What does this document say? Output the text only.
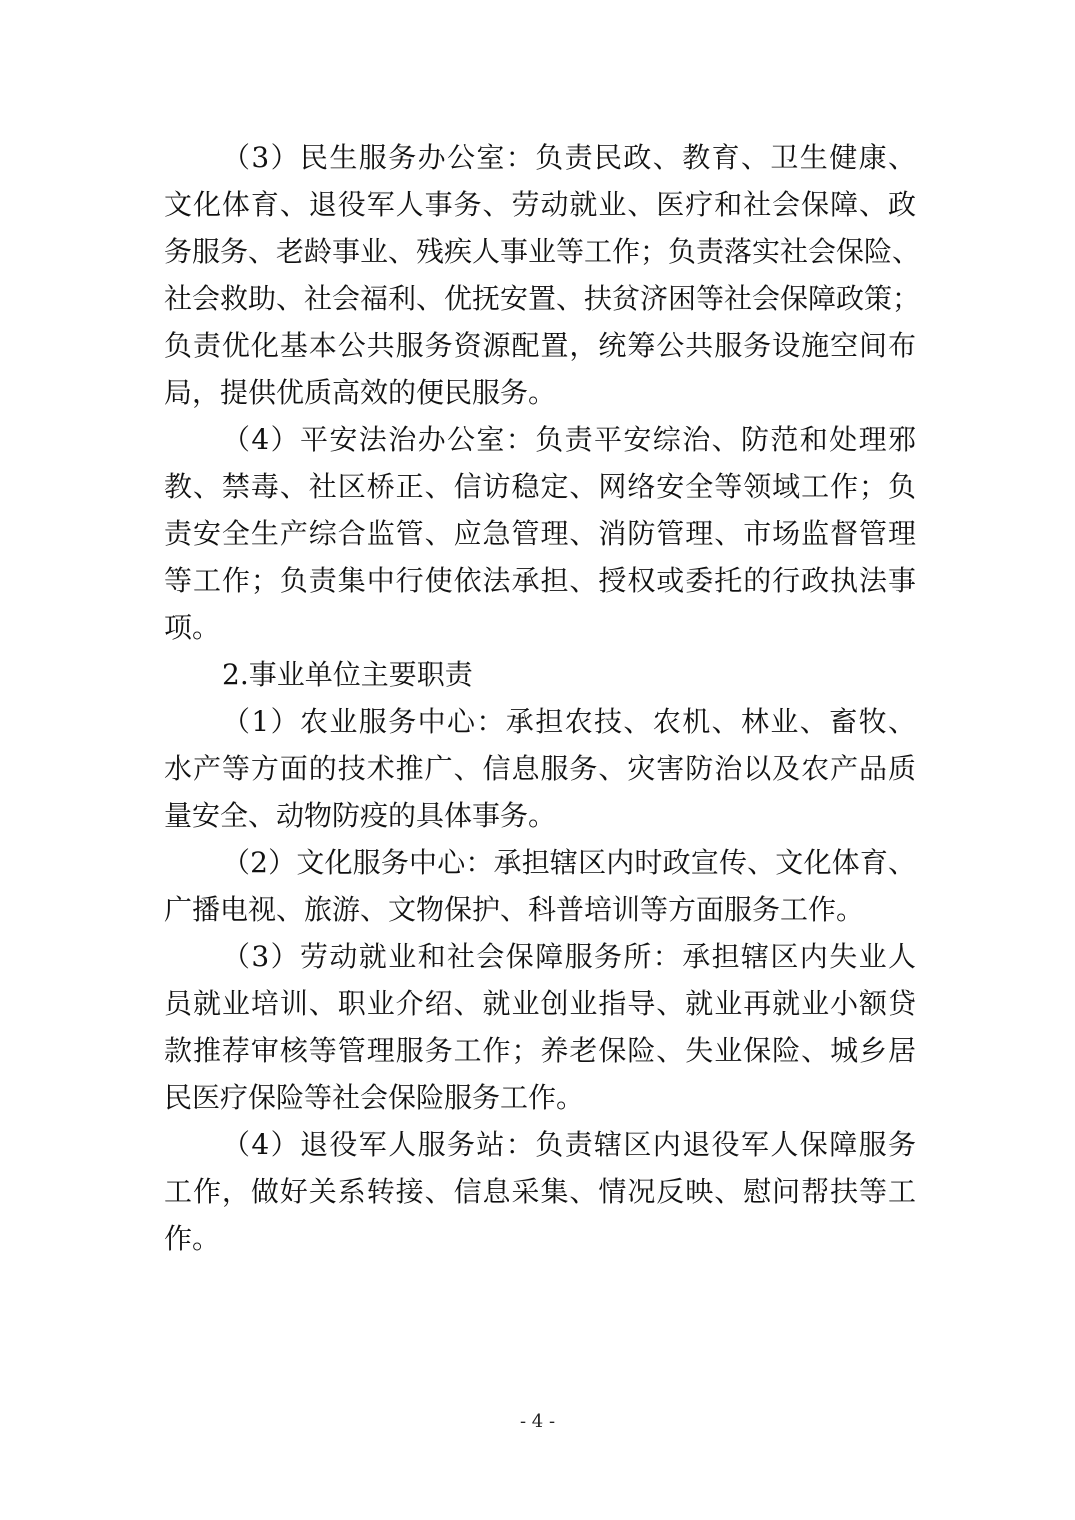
（3）民生服务办公室：负责民政、教育、卫生健康、
文化体育、退役军人事务、劳动就业、医疗和社会保障、政
务服务、老龄事业、残疾人事业等工作；负责落实社会保险、
社会救助、社会福利、优抚安置、扶贫济困等社会保障政策；
负责优化基本公共服务资源配置，统筹公共服务设施空间布
局，提供优质高效的便民服务。
（4）平安法治办公室：负责平安综治、防范和处理邪
教、禁毒、社区桥正、信访稳定、网络安全等领域工作；负
责安全生产综合监管、应急管理、消防管理、市场监督管理
等工作；负责集中行使依法承担、授权或委托的行政执法事
项。
2.事业单位主要职责
（1）农业服务中心：承担农技、农机、林业、畜牧、
水产等方面的技术推广、信息服务、灾害防治以及农产品质
量安全、动物防疫的具体事务。
（2）文化服务中心：承担辖区内时政宣传、文化体育、
广播电视、旅游、文物保护、科普培训等方面服务工作。
（3）劳动就业和社会保障服务所：承担辖区内失业人
员就业培训、职业介绍、就业创业指导、就业再就业小额贷
款推荐审核等管理服务工作；养老保险、失业保险、城乡居
民医疗保险等社会保险服务工作。
（4）退役军人服务站：负责辖区内退役军人保障服务
工作，做好关系转接、信息采集、情况反映、慰问帮扶等工
作。
- 4 -
